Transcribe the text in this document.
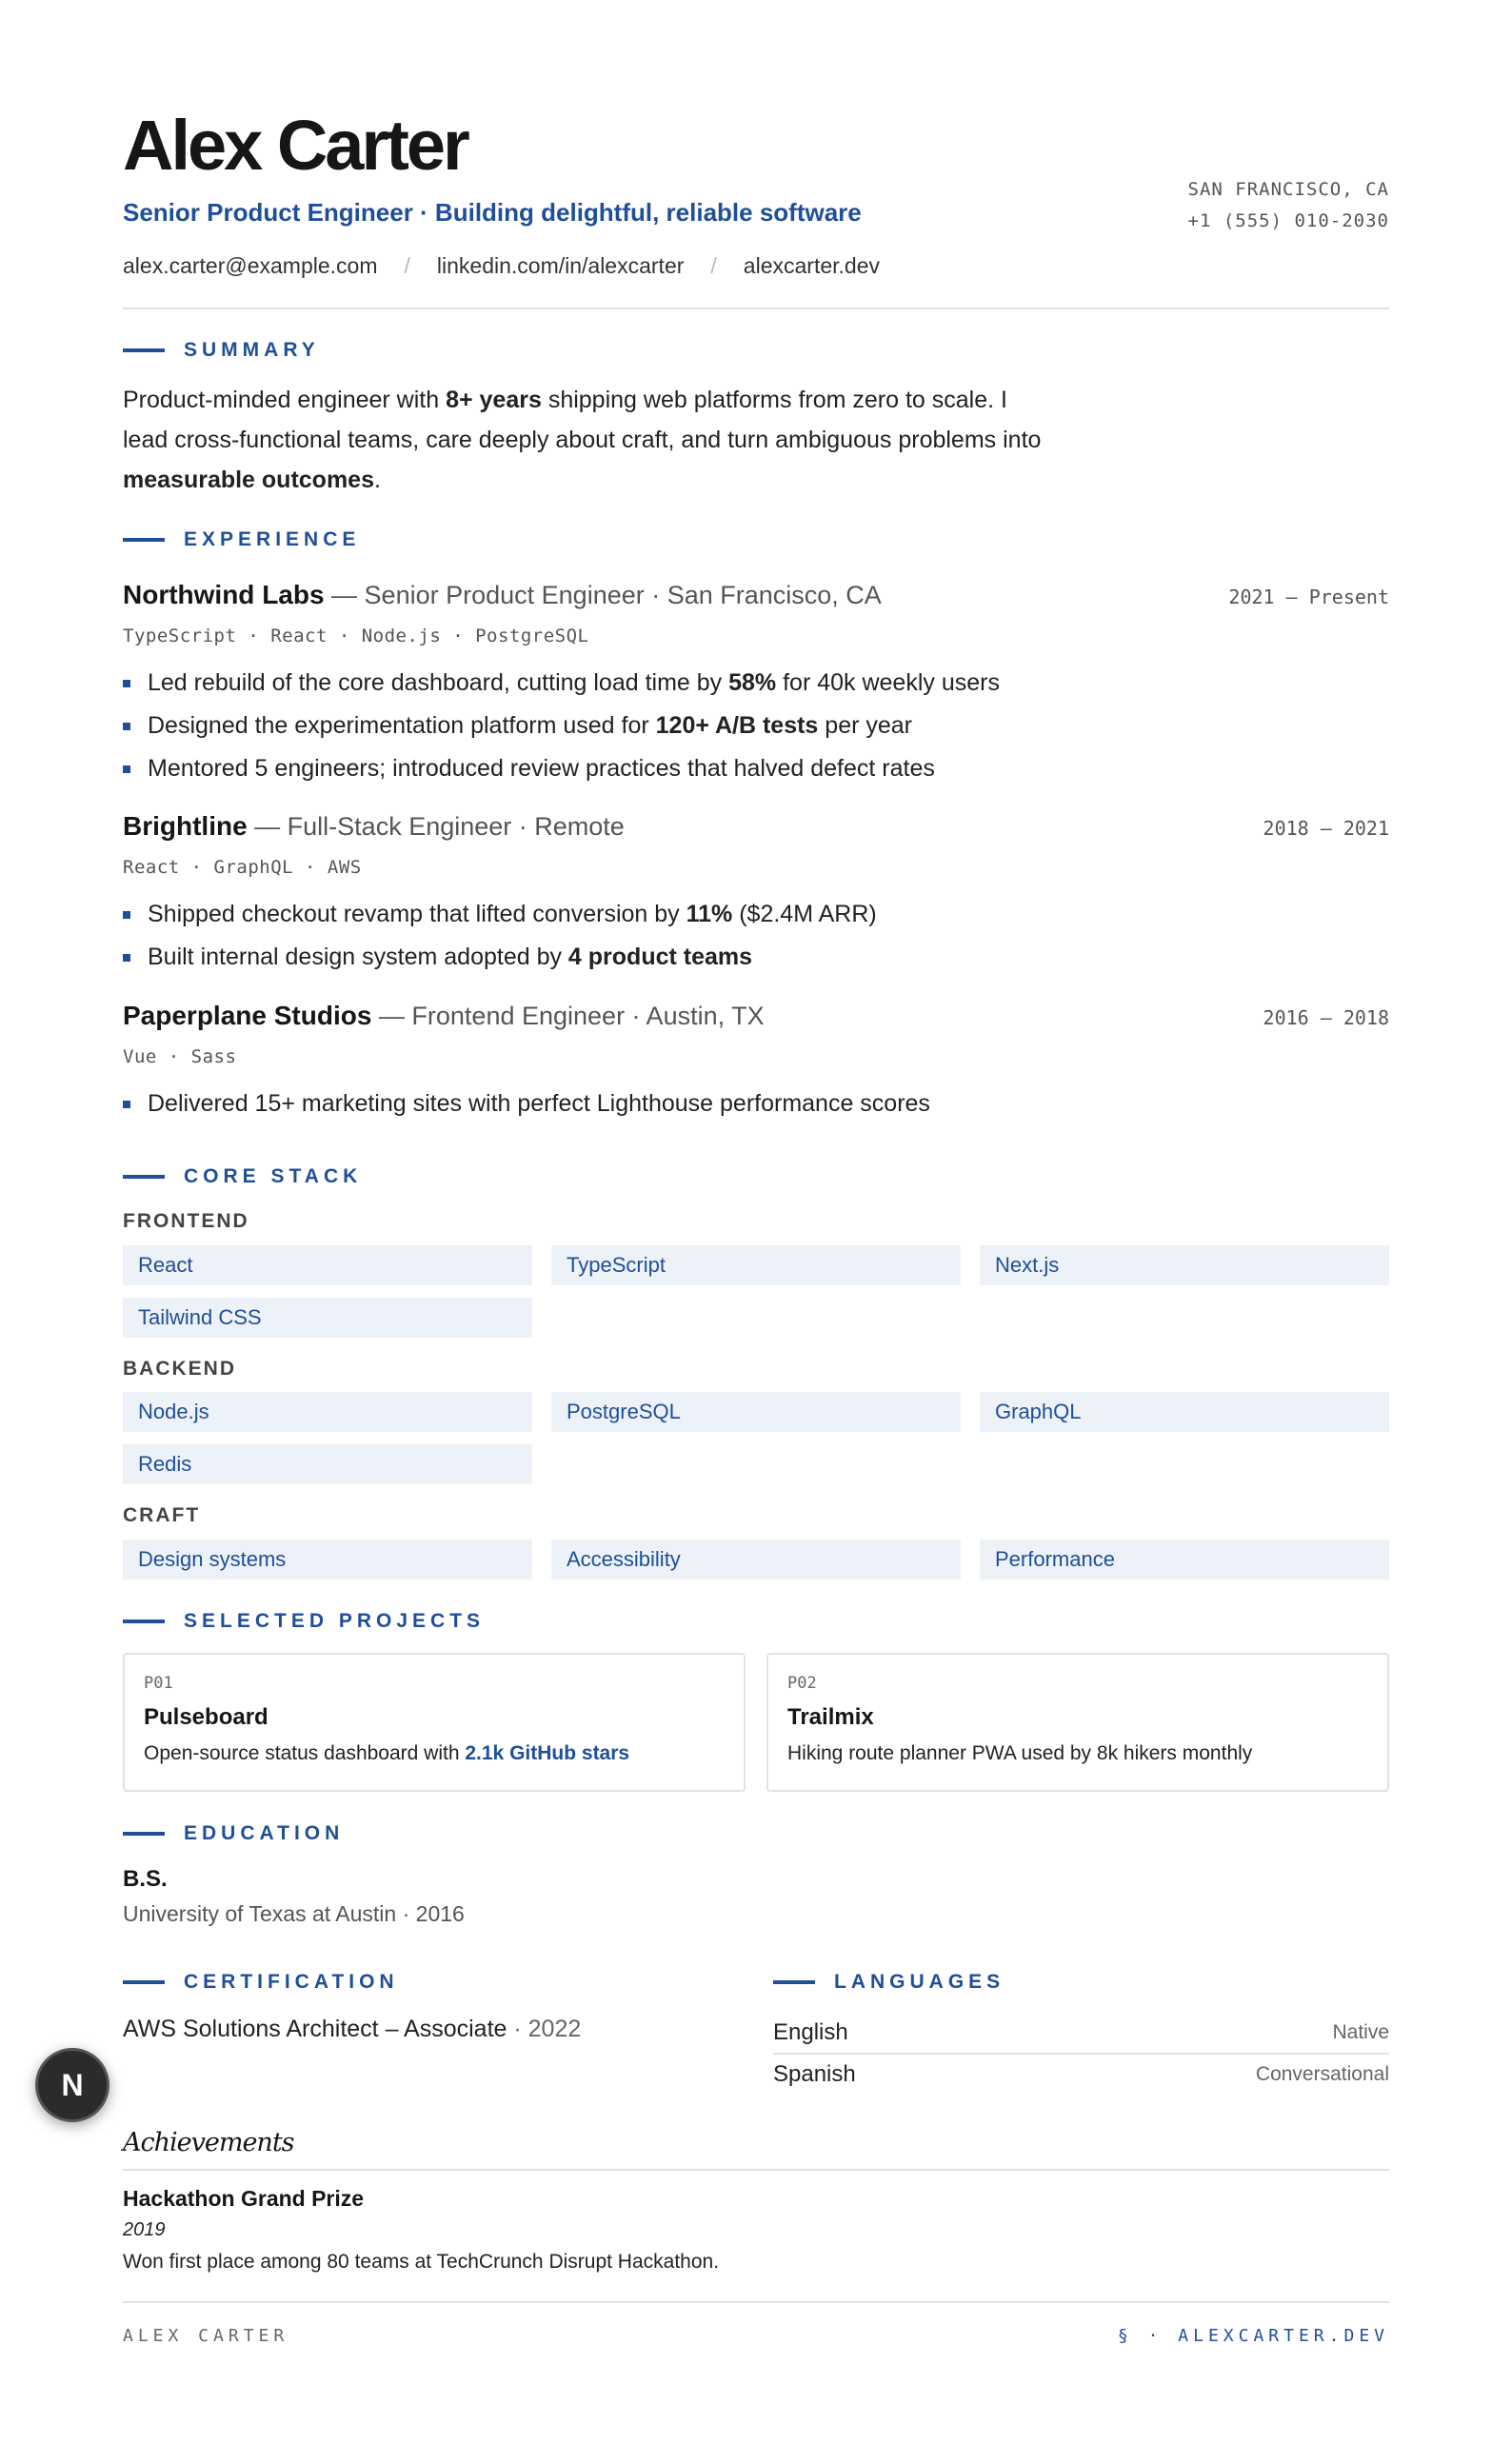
Alex Carter
Senior Product Engineer · Building delightful, reliable software
SAN FRANCISCO, CA
+1 (555) 010-2030
alex.carter@example.com / linkedin.com/in/alexcarter / alexcarter.dev
SUMMARY

Product-minded engineer with 8+ years shipping web platforms from zero to scale. I lead cross-functional teams, care deeply about craft, and turn ambiguous problems into measurable outcomes.

EXPERIENCE
Northwind Labs — Senior Product Engineer · San Francisco, CA	2021 – Present
TypeScript · React · Node.js · PostgreSQL
Led rebuild of the core dashboard, cutting load time by 58% for 40k weekly users
Designed the experimentation platform used for 120+ A/B tests per year
Mentored 5 engineers; introduced review practices that halved defect rates
Brightline — Full-Stack Engineer · Remote	2018 – 2021
React · GraphQL · AWS
Shipped checkout revamp that lifted conversion by 11% ($2.4M ARR)
Built internal design system adopted by 4 product teams
Paperplane Studios — Frontend Engineer · Austin, TX	2016 – 2018
Vue · Sass
Delivered 15+ marketing sites with perfect Lighthouse performance scores
CORE STACK
FRONTEND
React	TypeScript	Next.js
Tailwind CSS
BACKEND
Node.js	PostgreSQL	GraphQL
Redis
CRAFT
Design systems	Accessibility	Performance
SELECTED PROJECTS
P01
Pulseboard
Open-source status dashboard with 2.1k GitHub stars
P02
Trailmix
Hiking route planner PWA used by 8k hikers monthly
EDUCATION
B.S.
University of Texas at Austin · 2016
CERTIFICATION
AWS Solutions Architect – Associate · 2022
LANGUAGES
English	Native
Spanish	Conversational
Achievements
Hackathon Grand Prize
2019
Won first place among 80 teams at TechCrunch Disrupt Hackathon.
ALEX CARTER	§ · ALEXCARTER.DEV
N
